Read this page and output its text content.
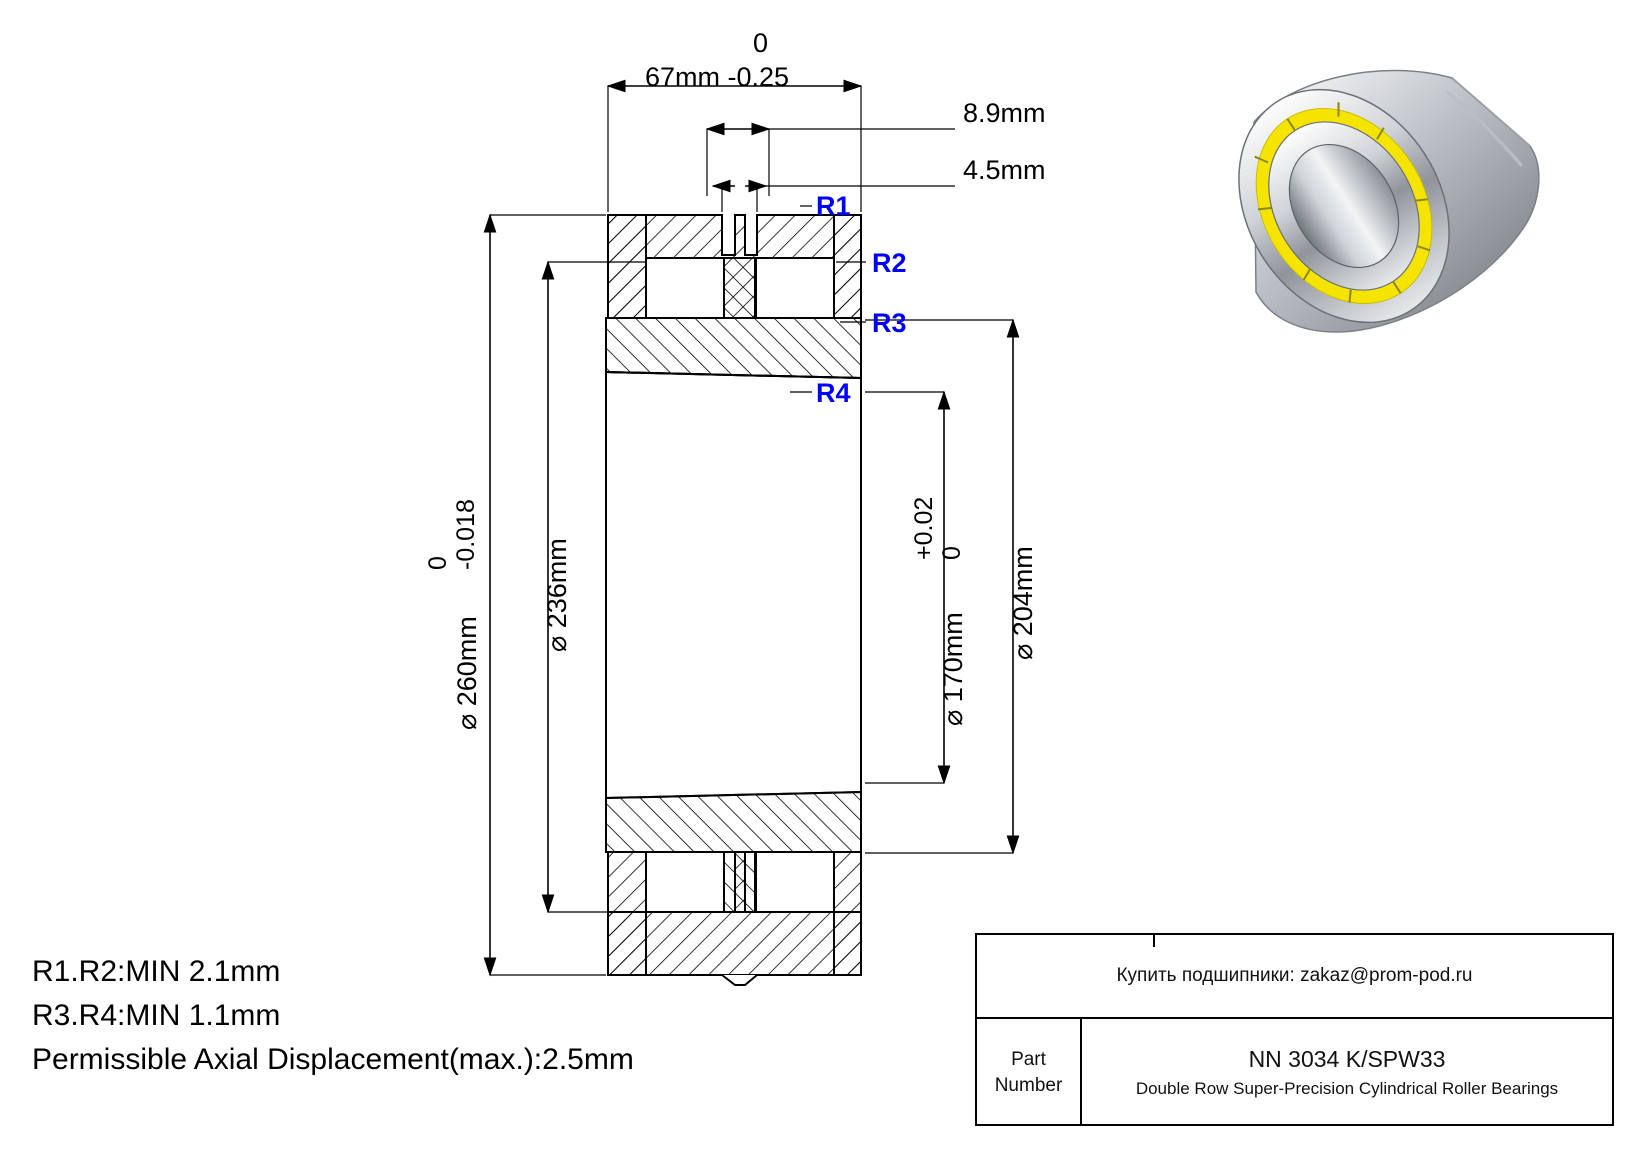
0
67mm -0.25
8.9mm
4.5mm
R1
R2
R3
R4
⌀ 260mm
-0.018
0	⌀ 236mm
⌀ 170mm
0
+0.02
⌀ 204mm
R1.R2:MIN 2.1mm
R3.R4:MIN 1.1mm
Permissible Axial Displacement(max.):2.5mm
Купить подшипники: zakaz@prom-pod.ru
Part
Number
NN 3034 K/SPW33
Double Row Super-Precision Cylindrical Roller Bearings
